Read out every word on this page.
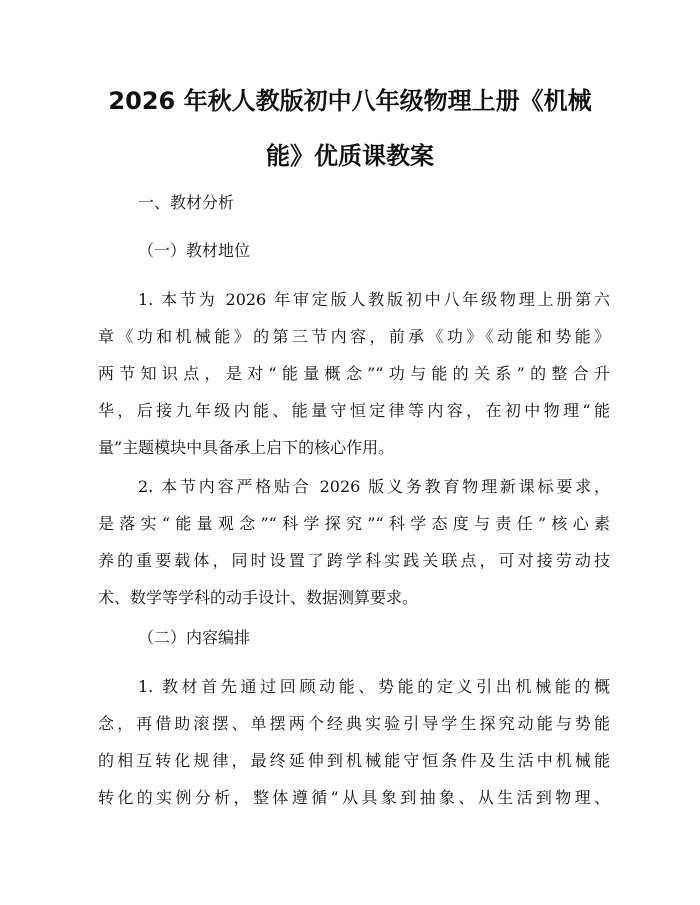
2026 年秋人教版初中八年级物理上册《机械
能》优质课教案

一、教材分析

（一）教材地位

1. 本节为 2026 年审定版人教版初中八年级物理上册第六
章《功和机械能》的第三节内容，前承《功》《动能和势能》
两节知识点，是对“能量概念”“功与能的关系”的整合升
华，后接九年级内能、能量守恒定律等内容，在初中物理“能
量”主题模块中具备承上启下的核心作用。
2. 本节内容严格贴合 2026 版义务教育物理新课标要求，
是落实“能量观念”“科学探究”“科学态度与责任”核心素
养的重要载体，同时设置了跨学科实践关联点，可对接劳动技
术、数学等学科的动手设计、数据测算要求。

（二）内容编排

1. 教材首先通过回顾动能、势能的定义引出机械能的概
念，再借助滚摆、单摆两个经典实验引导学生探究动能与势能
的相互转化规律，最终延伸到机械能守恒条件及生活中机械能
转化的实例分析，整体遵循“从具象到抽象、从生活到物理、
